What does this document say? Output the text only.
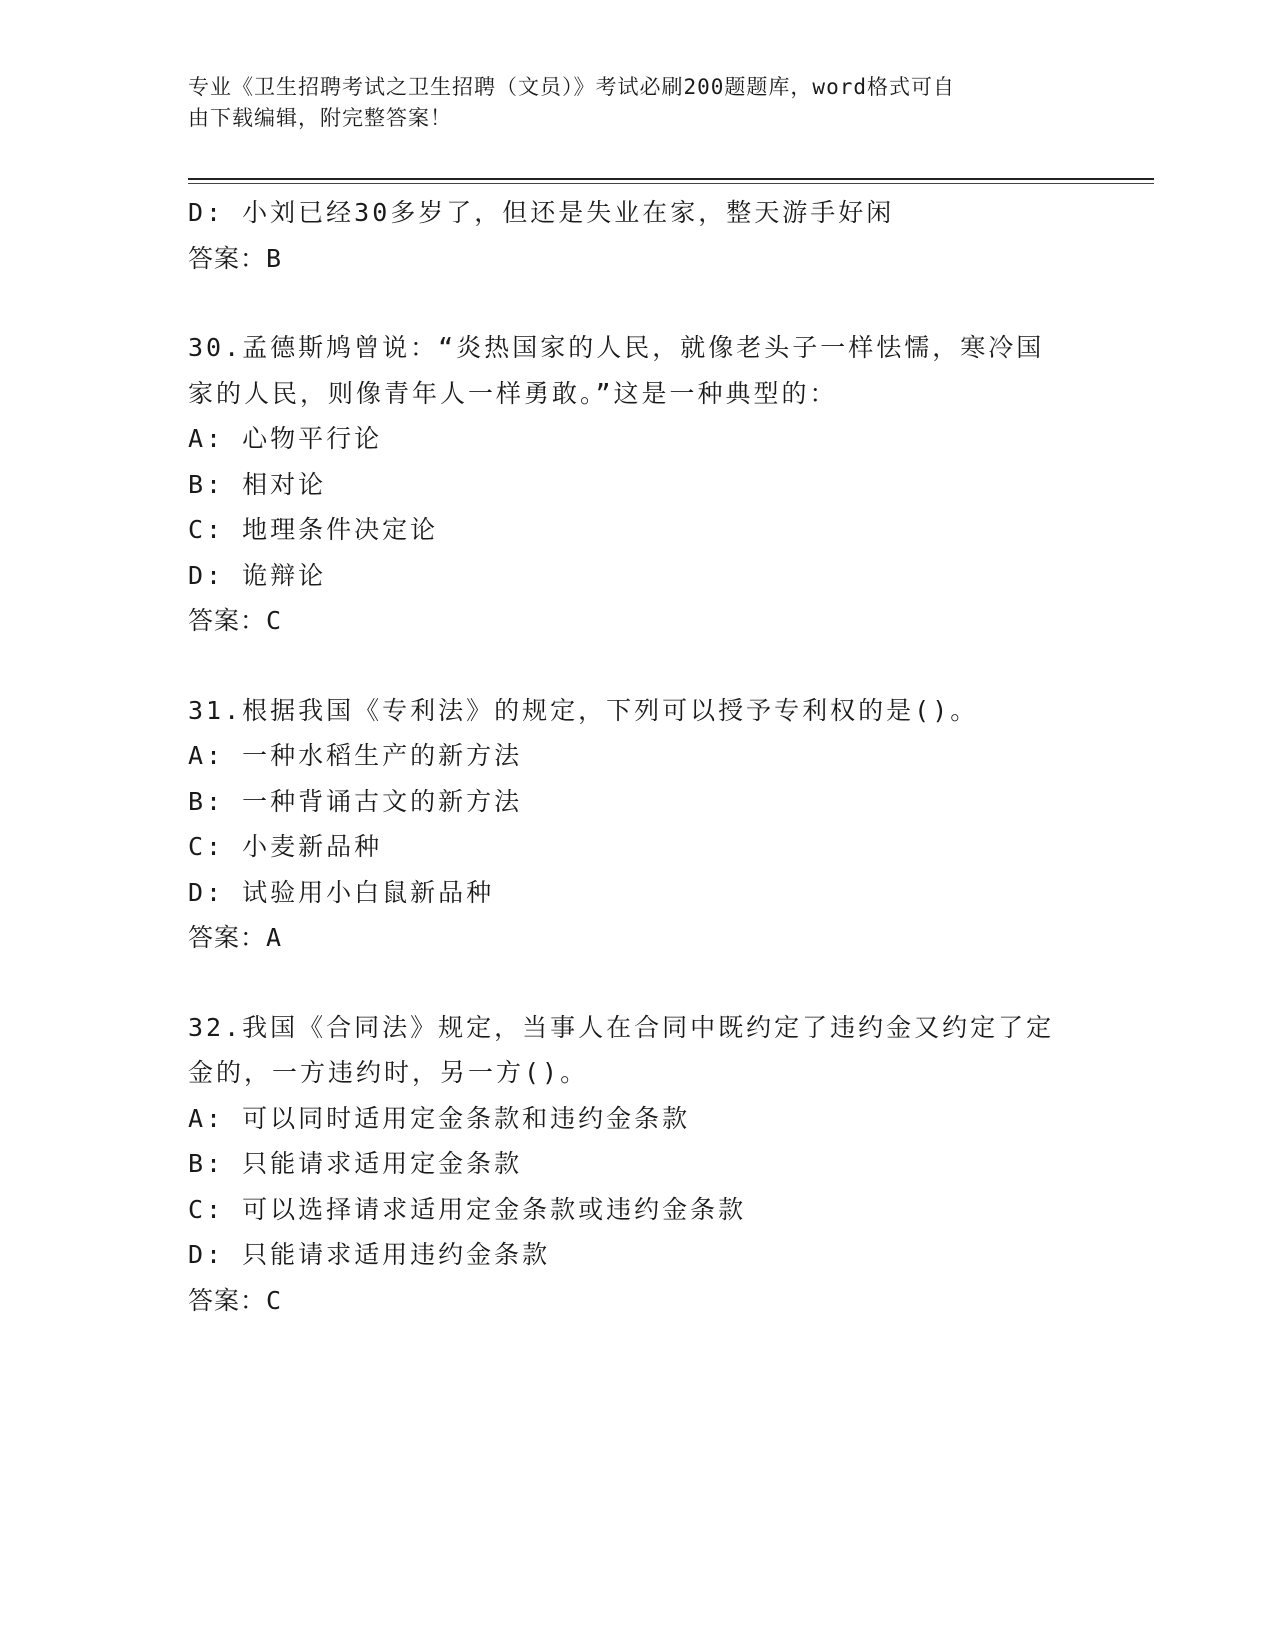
专业《卫生招聘考试之卫生招聘（文员）》考试必刷200题题库，word格式可自
由下载编辑，附完整答案！
D: 小刘已经30多岁了，但还是失业在家，整天游手好闲
答案：B
30.孟德斯鸠曾说：“炎热国家的人民，就像老头子一样怯懦，寒冷国
家的人民，则像青年人一样勇敢。”这是一种典型的：
A: 心物平行论
B: 相对论
C: 地理条件决定论
D: 诡辩论
答案：C
31.根据我国《专利法》的规定，下列可以授予专利权的是()。
A: 一种水稻生产的新方法
B: 一种背诵古文的新方法
C: 小麦新品种
D: 试验用小白鼠新品种
答案：A
32.我国《合同法》规定，当事人在合同中既约定了违约金又约定了定
金的，一方违约时，另一方()。
A: 可以同时适用定金条款和违约金条款
B: 只能请求适用定金条款
C: 可以选择请求适用定金条款或违约金条款
D: 只能请求适用违约金条款
答案：C
